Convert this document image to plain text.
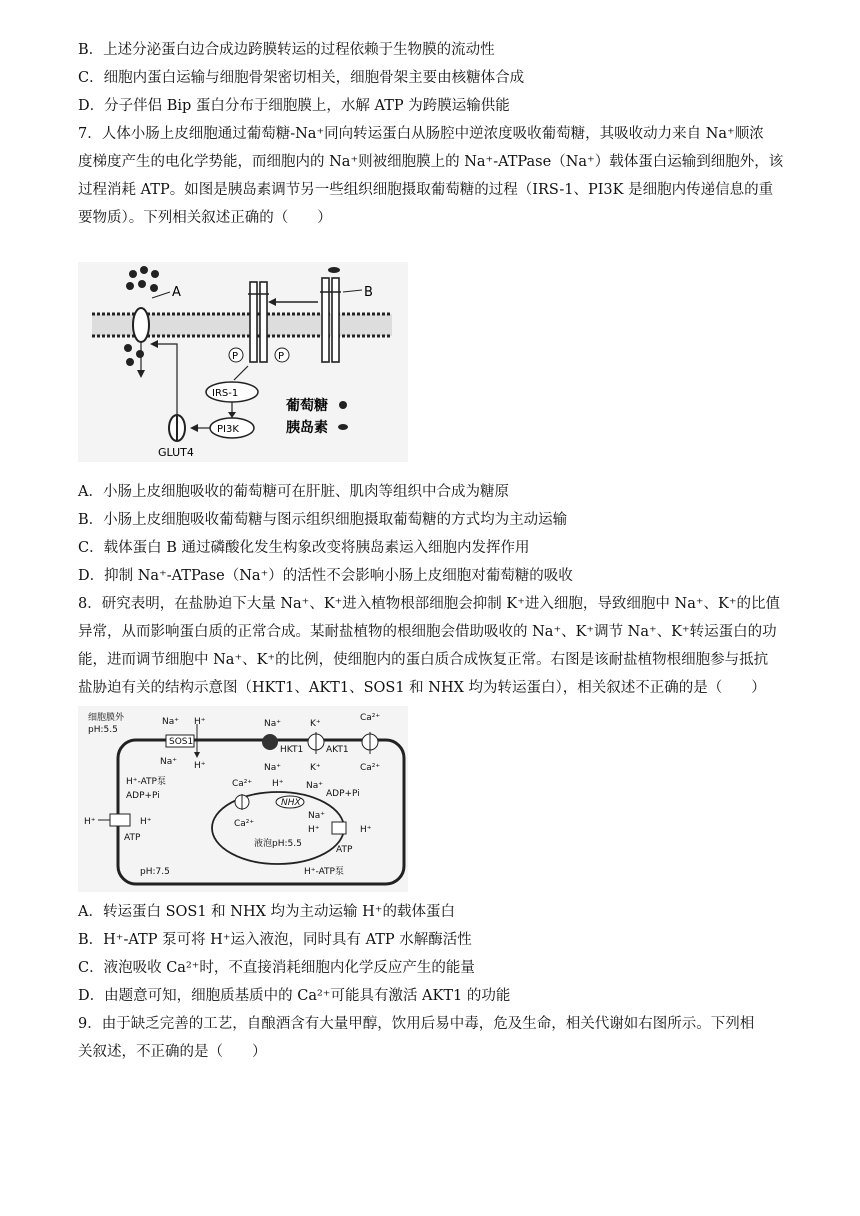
B．上述分泌蛋白边合成边跨膜转运的过程依赖于生物膜的流动性
C．细胞内蛋白运输与细胞骨架密切相关，细胞骨架主要由核糖体合成
D．分子伴侣 Bip 蛋白分布于细胞膜上，水解 ATP 为跨膜运输供能
7．人体小肠上皮细胞通过葡萄糖-Na⁺同向转运蛋白从肠腔中逆浓度吸收葡萄糖，其吸收动力来自 Na⁺顺浓
度梯度产生的电化学势能，而细胞内的 Na⁺则被细胞膜上的 Na⁺-ATPase（Na⁺）载体蛋白运输到细胞外，该
过程消耗 ATP。如图是胰岛素调节另一些组织细胞摄取葡萄糖的过程（IRS-1、PI3K 是细胞内传递信息的重
要物质）。下列相关叙述正确的（　　）
A
P	P
B
IRS-1
PI3K
GLUT4
葡萄糖
胰岛素
A．小肠上皮细胞吸收的葡萄糖可在肝脏、肌肉等组织中合成为糖原
B．小肠上皮细胞吸收葡萄糖与图示组织细胞摄取葡萄糖的方式均为主动运输
C．载体蛋白 B 通过磷酸化发生构象改变将胰岛素运入细胞内发挥作用
D．抑制 Na⁺-ATPase（Na⁺）的活性不会影响小肠上皮细胞对葡萄糖的吸收
8．研究表明，在盐胁迫下大量 Na⁺、K⁺进入植物根部细胞会抑制 K⁺进入细胞，导致细胞中 Na⁺、K⁺的比值
异常，从而影响蛋白质的正常合成。某耐盐植物的根细胞会借助吸收的 Na⁺、K⁺调节 Na⁺、K⁺转运蛋白的功
能，进而调节细胞中 Na⁺、K⁺的比例，使细胞内的蛋白质合成恢复正常。右图是该耐盐植物根细胞参与抵抗
盐胁迫有关的结构示意图（HKT1、AKT1、SOS1 和 NHX 均为转运蛋白），相关叙述不正确的是（　　）
细胞膜外
pH:5.5
Na⁺ H⁺
SOS1
Na⁺ H⁺
Na⁺
HKT1
Na⁺
K⁺
AKT1
K⁺
Ca²⁺
Ca²⁺
H⁺-ATP泵
ADP+Pi
H⁺	H⁺
ATP
pH:7.5
Ca²⁺
Ca²⁺
H⁺
NHX
Na⁺
Na⁺
ADP+Pi
H⁺	H⁺
ATP
液泡pH:5.5
H⁺-ATP泵
A．转运蛋白 SOS1 和 NHX 均为主动运输 H⁺的载体蛋白
B．H⁺-ATP 泵可将 H⁺运入液泡，同时具有 ATP 水解酶活性
C．液泡吸收 Ca²⁺时，不直接消耗细胞内化学反应产生的能量
D．由题意可知，细胞质基质中的 Ca²⁺可能具有激活 AKT1 的功能
9．由于缺乏完善的工艺，自酿酒含有大量甲醇，饮用后易中毒，危及生命，相关代谢如右图所示。下列相
关叙述，不正确的是（　　）
